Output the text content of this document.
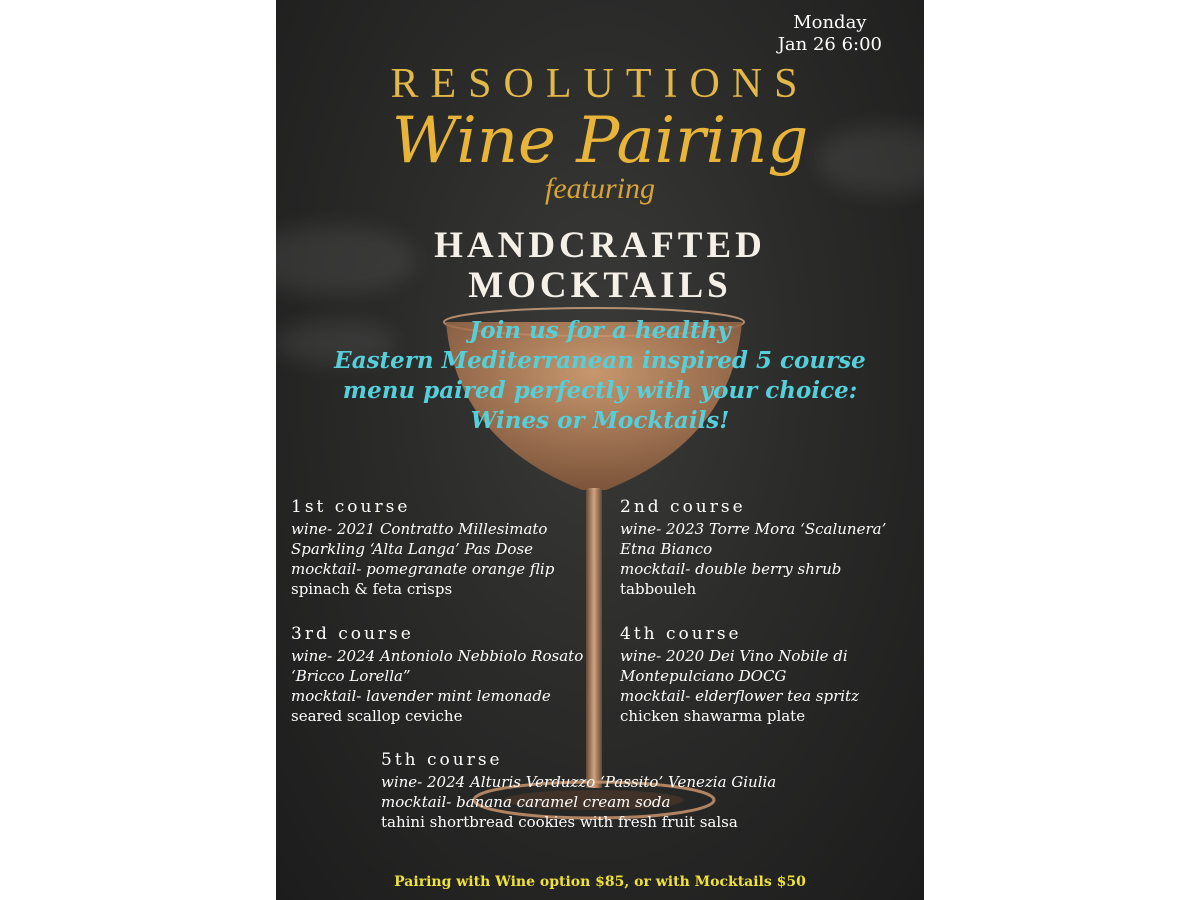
Monday
Jan 26 6:00
RESOLUTIONS
Wine Pairing
featuring
HANDCRAFTED
MOCKTAILS
Join us for a healthy
Eastern Mediterranean inspired 5 course
menu paired perfectly with your choice:
Wines or Mocktails!
1st course
wine- 2021 Contratto Millesimato Sparkling ‘Alta Langa’ Pas Dose
mocktail- pomegranate orange flip
spinach & feta crisps
2nd course
wine- 2023 Torre Mora ‘Scalunera’ Etna Bianco
mocktail- double berry shrub
tabbouleh
3rd course
wine- 2024 Antoniolo Nebbiolo Rosato ‘Bricco Lorella”
mocktail- lavender mint lemonade
seared scallop ceviche
4th course
wine- 2020 Dei Vino Nobile di Montepulciano DOCG
mocktail- elderflower tea spritz
chicken shawarma plate
5th course
wine- 2024 Alturis Verduzzo ‘Passito’ Venezia Giulia
mocktail- banana caramel cream soda
tahini shortbread cookies with fresh fruit salsa
Pairing with Wine option $85, or with Mocktails $50
